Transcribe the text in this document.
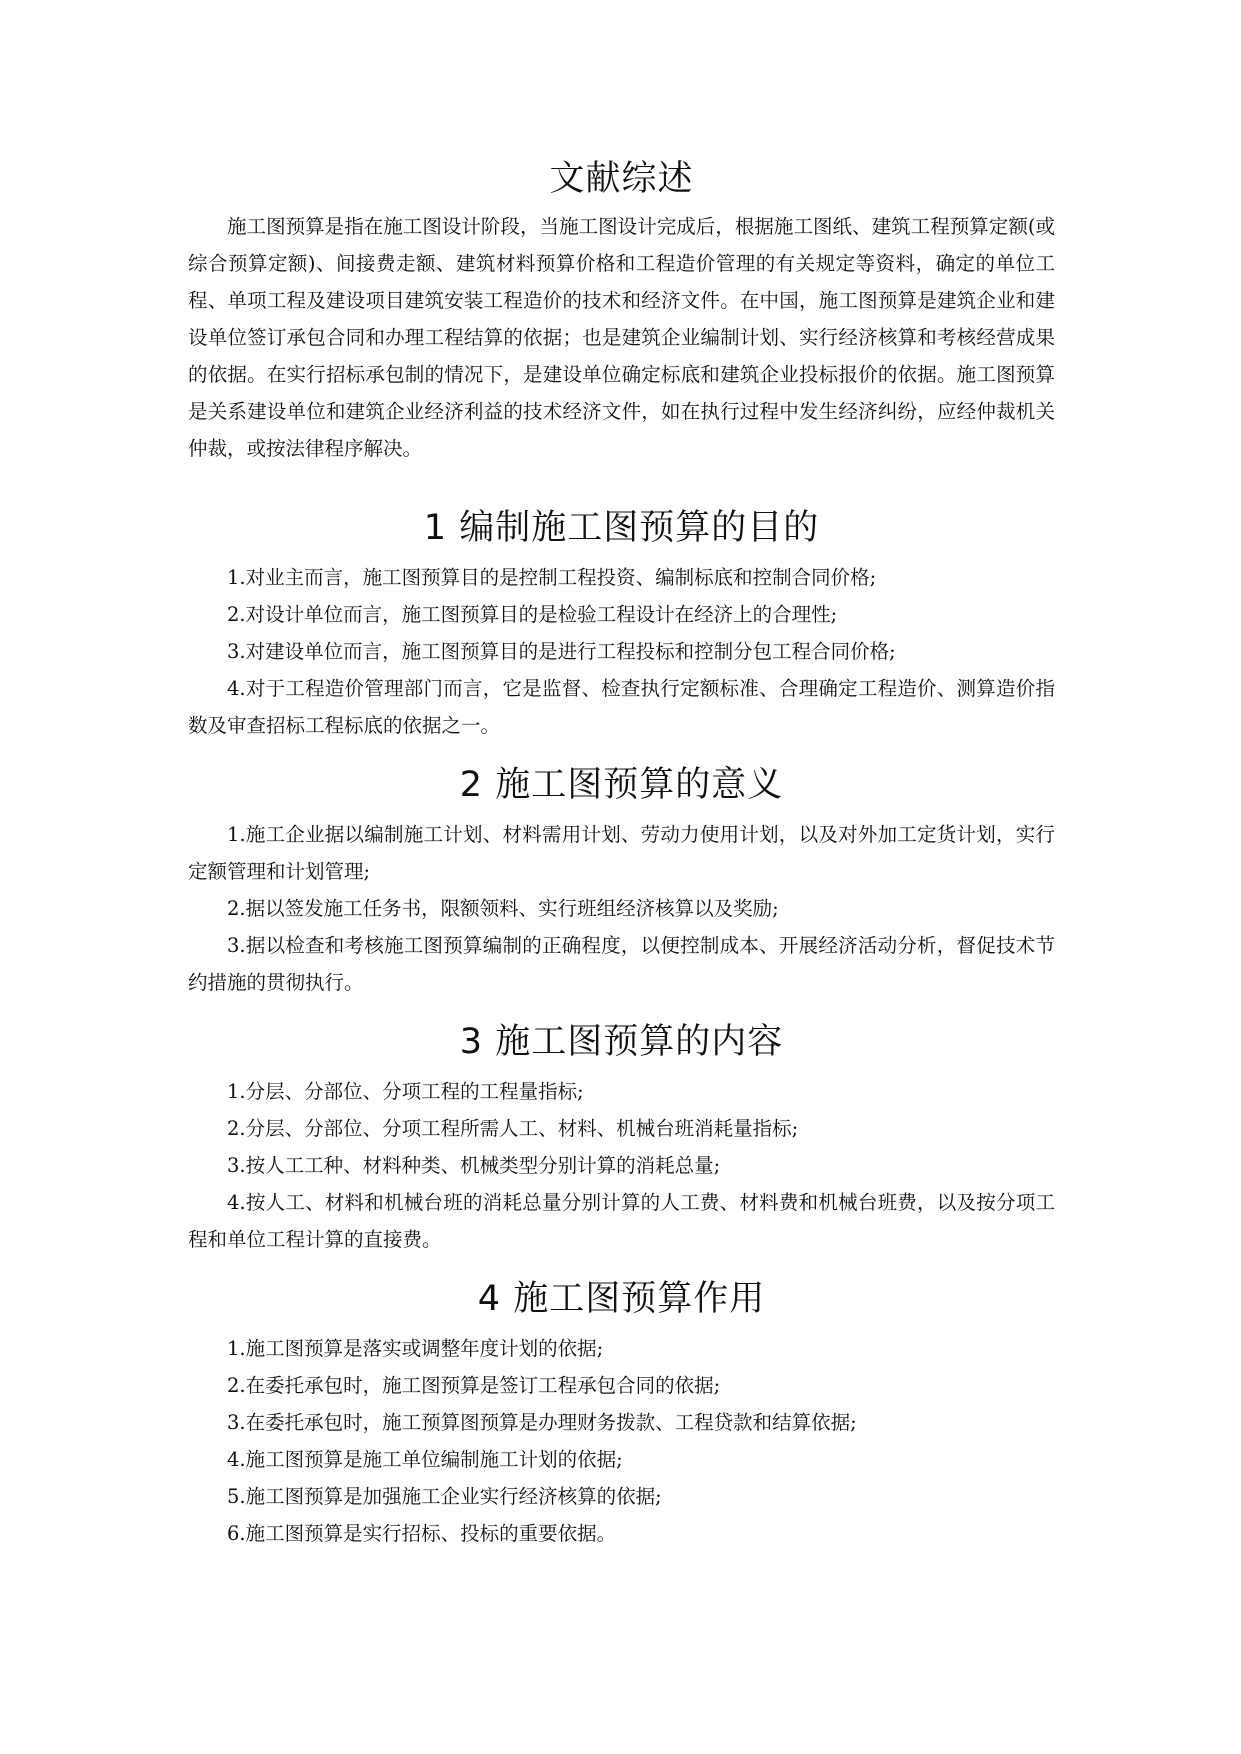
文献综述

施工图预算是指在施工图设计阶段，当施工图设计完成后，根据施工图纸、建筑工程预算定额(或综合预算定额)、间接费走额、建筑材料预算价格和工程造价管理的有关规定等资料，确定的单位工程、单项工程及建设项目建筑安装工程造价的技术和经济文件。在中国，施工图预算是建筑企业和建设单位签订承包合同和办理工程结算的依据；也是建筑企业编制计划、实行经济核算和考核经营成果的依据。在实行招标承包制的情况下，是建设单位确定标底和建筑企业投标报价的依据。施工图预算是关系建设单位和建筑企业经济利益的技术经济文件，如在执行过程中发生经济纠纷，应经仲裁机关仲裁，或按法律程序解决。

1 编制施工图预算的目的

1.对业主而言，施工图预算目的是控制工程投资、编制标底和控制合同价格;

2.对设计单位而言，施工图预算目的是检验工程设计在经济上的合理性;

3.对建设单位而言，施工图预算目的是进行工程投标和控制分包工程合同价格;

4.对于工程造价管理部门而言，它是监督、检查执行定额标准、合理确定工程造价、测算造价指数及审查招标工程标底的依据之一。

2 施工图预算的意义

1.施工企业据以编制施工计划、材料需用计划、劳动力使用计划，以及对外加工定货计划，实行定额管理和计划管理;

2.据以签发施工任务书，限额领料、实行班组经济核算以及奖励;

3.据以检查和考核施工图预算编制的正确程度，以便控制成本、开展经济活动分析，督促技术节约措施的贯彻执行。

3 施工图预算的内容

1.分层、分部位、分项工程的工程量指标;

2.分层、分部位、分项工程所需人工、材料、机械台班消耗量指标;

3.按人工工种、材料种类、机械类型分别计算的消耗总量;

4.按人工、材料和机械台班的消耗总量分别计算的人工费、材料费和机械台班费，以及按分项工程和单位工程计算的直接费。

4 施工图预算作用

1.施工图预算是落实或调整年度计划的依据;

2.在委托承包时，施工图预算是签订工程承包合同的依据;

3.在委托承包时，施工预算图预算是办理财务拨款、工程贷款和结算依据;

4.施工图预算是施工单位编制施工计划的依据;

5.施工图预算是加强施工企业实行经济核算的依据;

6.施工图预算是实行招标、投标的重要依据。
